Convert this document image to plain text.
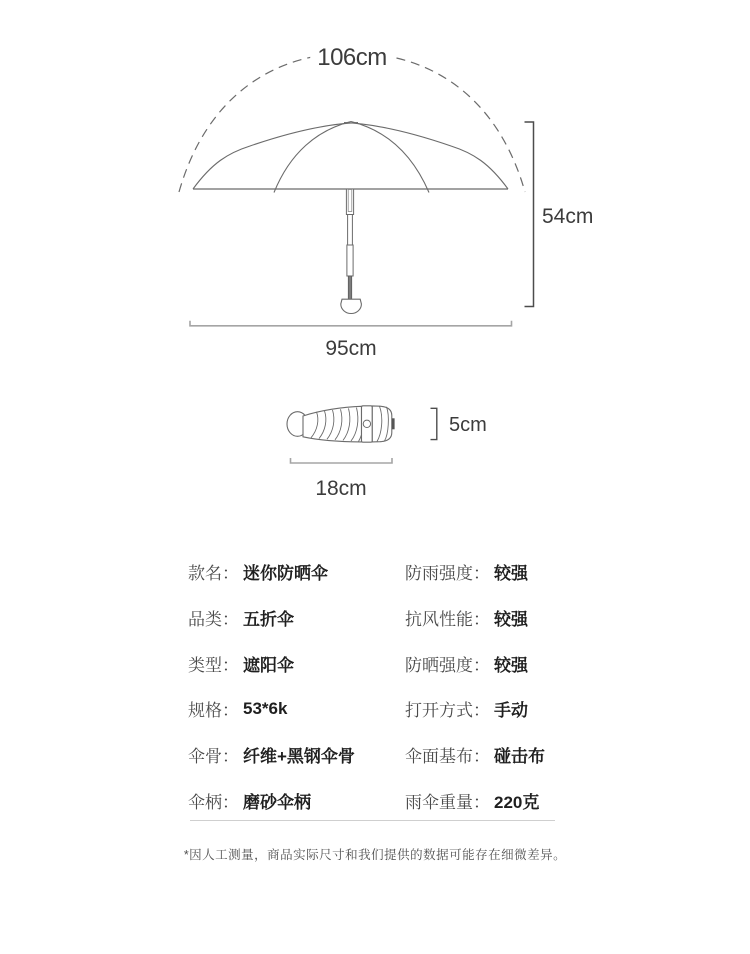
106cm
54cm
95cm
5cm
18cm
款名： 迷你防晒伞
品类： 五折伞
类型： 遮阳伞
规格： 53*6k
伞骨： 纤维+黑钢伞骨
伞柄： 磨砂伞柄
防雨强度： 较强
抗风性能： 较强
防晒强度： 较强
打开方式： 手动
伞面基布： 碰击布
雨伞重量： 220克
*因人工测量，商品实际尺寸和我们提供的数据可能存在细微差异。
